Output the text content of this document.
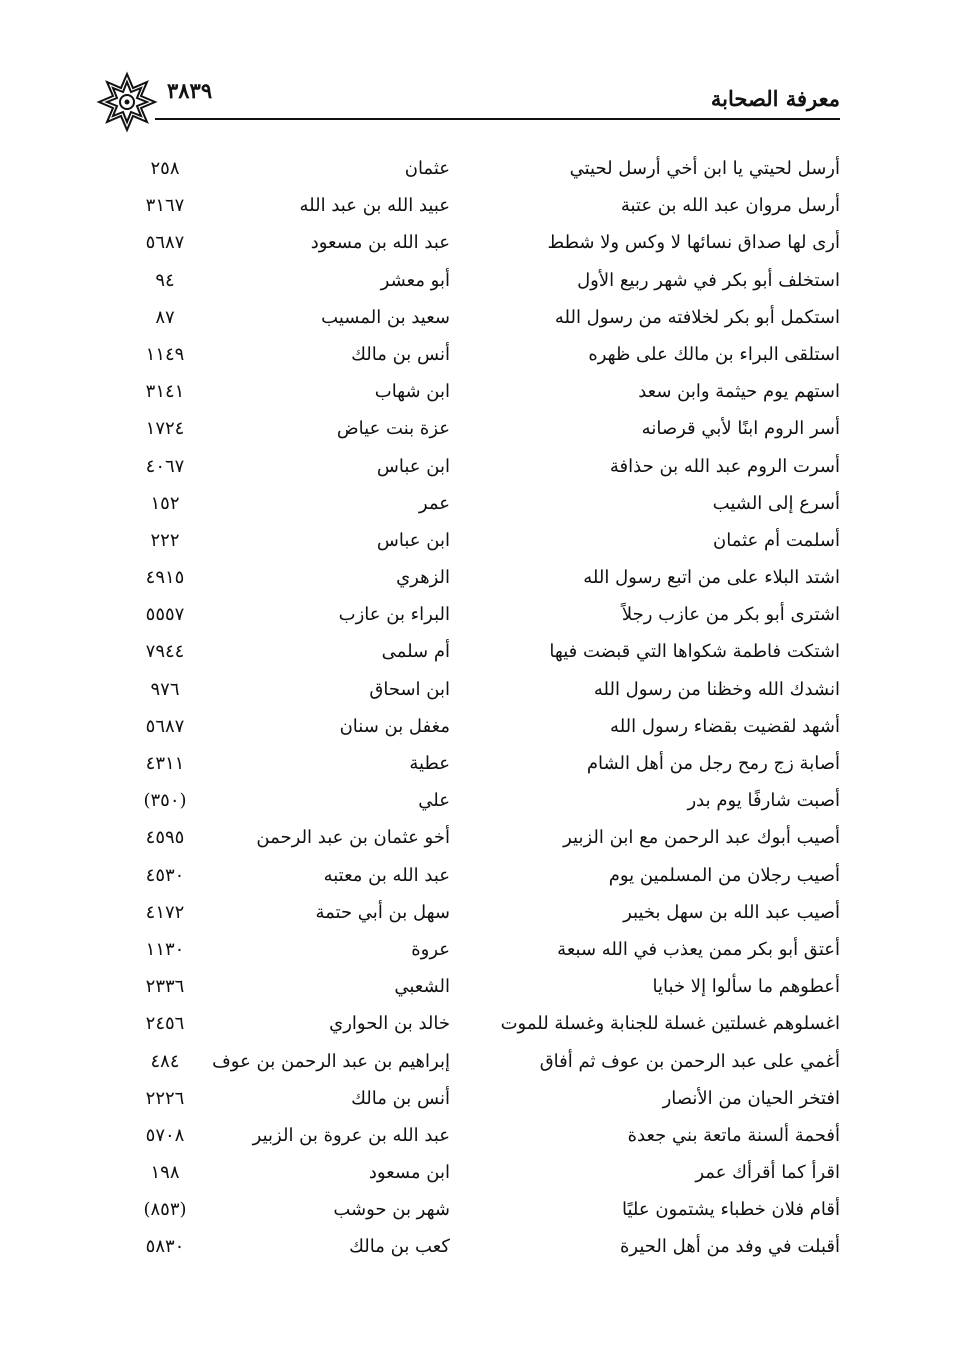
٣٨٣٩	معرفة الصحابة
أرسل لحيتي يا ابن أخي أرسل لحيتي
عثمان
٢٥٨
أرسل مروان عبد الله بن عتبة
عبيد الله بن عبد الله
٣١٦٧
أرى لها صداق نسائها لا وكس ولا شطط
عبد الله بن مسعود
٥٦٨٧
استخلف أبو بكر في شهر ربيع الأول
أبو معشر
٩٤
استكمل أبو بكر لخلافته من رسول الله
سعيد بن المسيب
٨٧
استلقى البراء بن مالك على ظهره
أنس بن مالك
١١٤٩
استهم يوم حيثمة وابن سعد
ابن شهاب
٣١٤١
أسر الروم ابنًا لأبي قرصانه
عزة بنت عياض
١٧٢٤
أسرت الروم عبد الله بن حذافة
ابن عباس
٤٠٦٧
أسرع إلى الشيب
عمر
١٥٢
أسلمت أم عثمان
ابن عباس
٢٢٢
اشتد البلاء على من اتبع رسول الله
الزهري
٤٩١٥
اشترى أبو بكر من عازب رجلاً
البراء بن عازب
٥٥٥٧
اشتكت فاطمة شكواها التي قبضت فيها
أم سلمى
٧٩٤٤
انشدك الله وخظنا من رسول الله
ابن اسحاق
٩٧٦
أشهد لقضيت بقضاء رسول الله
مغفل بن سنان
٥٦٨٧
أصابة زج رمح رجل من أهل الشام
عطية
٤٣١١
أصبت شارفًا يوم بدر
علي
(٣٥٠)
أصيب أبوك عبد الرحمن مع ابن الزبير
أخو عثمان بن عبد الرحمن
٤٥٩٥
أصيب رجلان من المسلمين يوم
عبد الله بن معتبه
٤٥٣٠
أصيب عبد الله بن سهل بخيبر
سهل بن أبي حتمة
٤١٧٢
أعتق أبو بكر ممن يعذب في الله سبعة
عروة
١١٣٠
أعطوهم ما سألوا إلا خبايا
الشعبي
٢٣٣٦
اغسلوهم غسلتين غسلة للجنابة وغسلة للموت
خالد بن الحواري
٢٤٥٦
أغمي على عبد الرحمن بن عوف ثم أفاق
إبراهيم بن عبد الرحمن بن عوف
٤٨٤
افتخر الحيان من الأنصار
أنس بن مالك
٢٢٢٦
أفحمة ألسنة ماتعة بني جعدة
عبد الله بن عروة بن الزبير
٥٧٠٨
اقرأ كما أقرأك عمر
ابن مسعود
١٩٨
أقام فلان خطباء يشتمون عليًا
شهر بن حوشب
(٨٥٣)
أقبلت في وفد من أهل الحيرة
كعب بن مالك
٥٨٣٠
